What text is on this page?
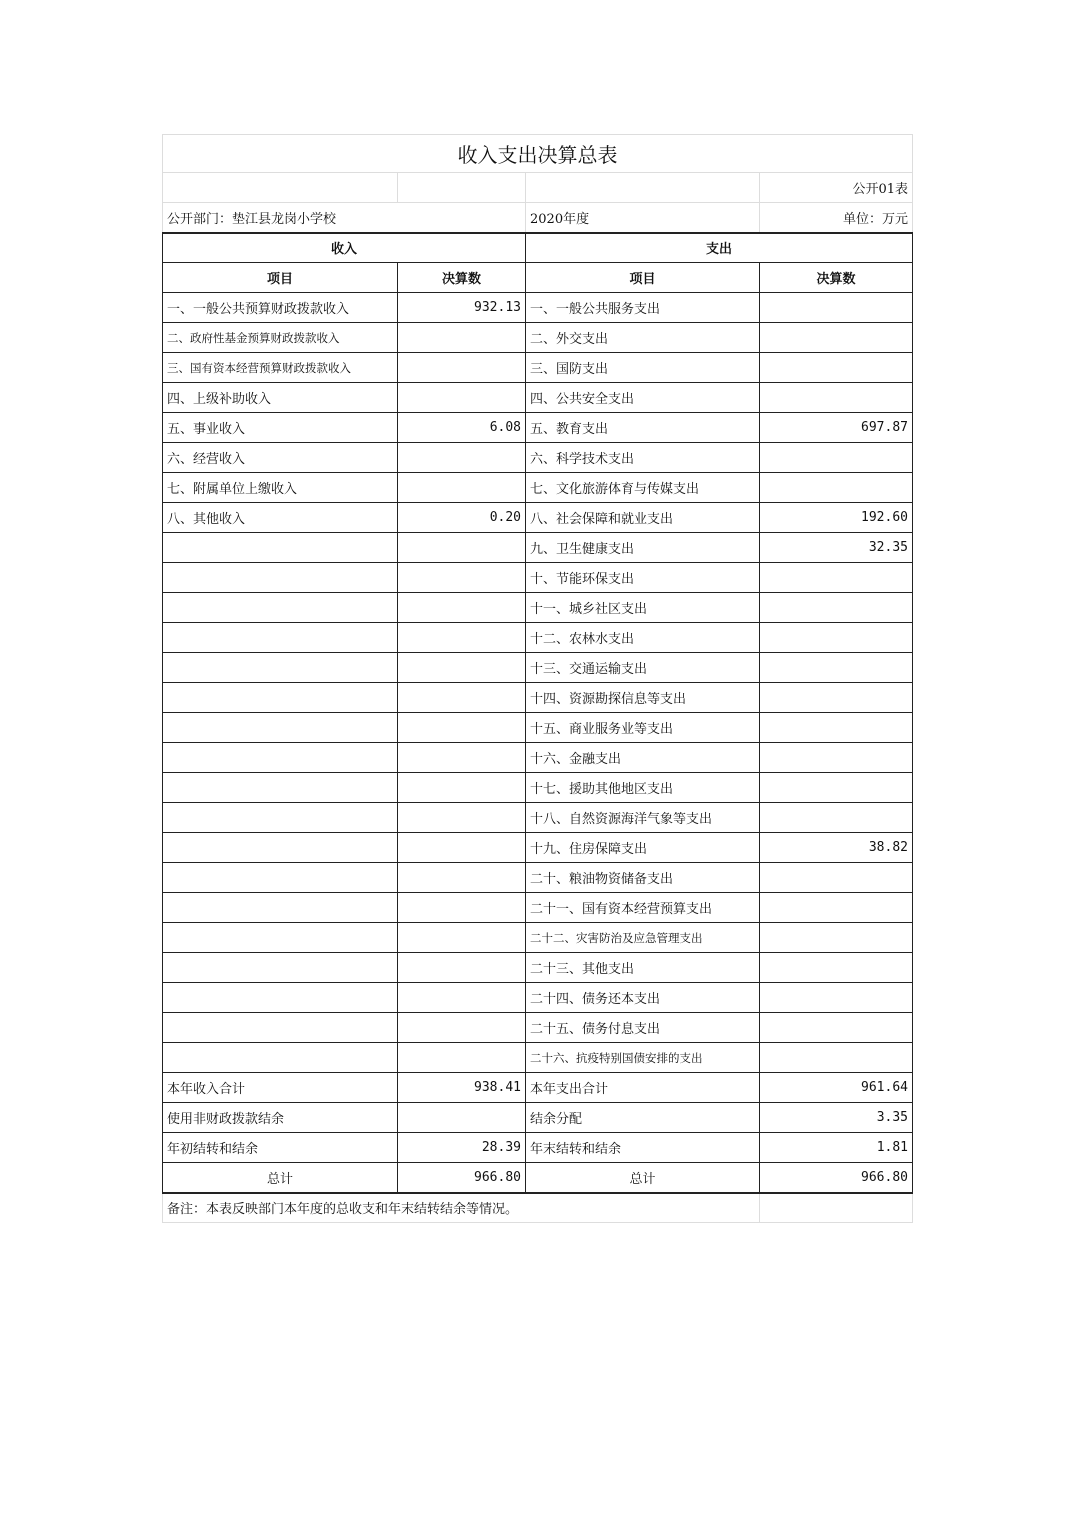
收入支出决算总表			
			公开01表
公开部门：垫江县龙岗小学校		2020年度	单位：万元
收入		支出	
项目	决算数	项目	决算数
一、一般公共预算财政拨款收入	932.13	一、一般公共服务支出	
二、政府性基金预算财政拨款收入		二、外交支出	
三、国有资本经营预算财政拨款收入		三、国防支出	
四、上级补助收入		四、公共安全支出	
五、事业收入	6.08	五、教育支出	697.87
六、经营收入		六、科学技术支出	
七、附属单位上缴收入		七、文化旅游体育与传媒支出	
八、其他收入	0.20	八、社会保障和就业支出	192.60
		九、卫生健康支出	32.35
		十、节能环保支出	
		十一、城乡社区支出	
		十二、农林水支出	
		十三、交通运输支出	
		十四、资源勘探信息等支出	
		十五、商业服务业等支出	
		十六、金融支出	
		十七、援助其他地区支出	
		十八、自然资源海洋气象等支出	
		十九、住房保障支出	38.82
		二十、粮油物资储备支出	
		二十一、国有资本经营预算支出	
		二十二、灾害防治及应急管理支出	
		二十三、其他支出	
		二十四、债务还本支出	
		二十五、债务付息支出	
		二十六、抗疫特别国债安排的支出	
本年收入合计	938.41	本年支出合计	961.64
使用非财政拨款结余		结余分配	3.35
年初结转和结余	28.39	年末结转和结余	1.81
总计	966.80	总计	966.80
备注：本表反映部门本年度的总收支和年末结转结余等情况。			
